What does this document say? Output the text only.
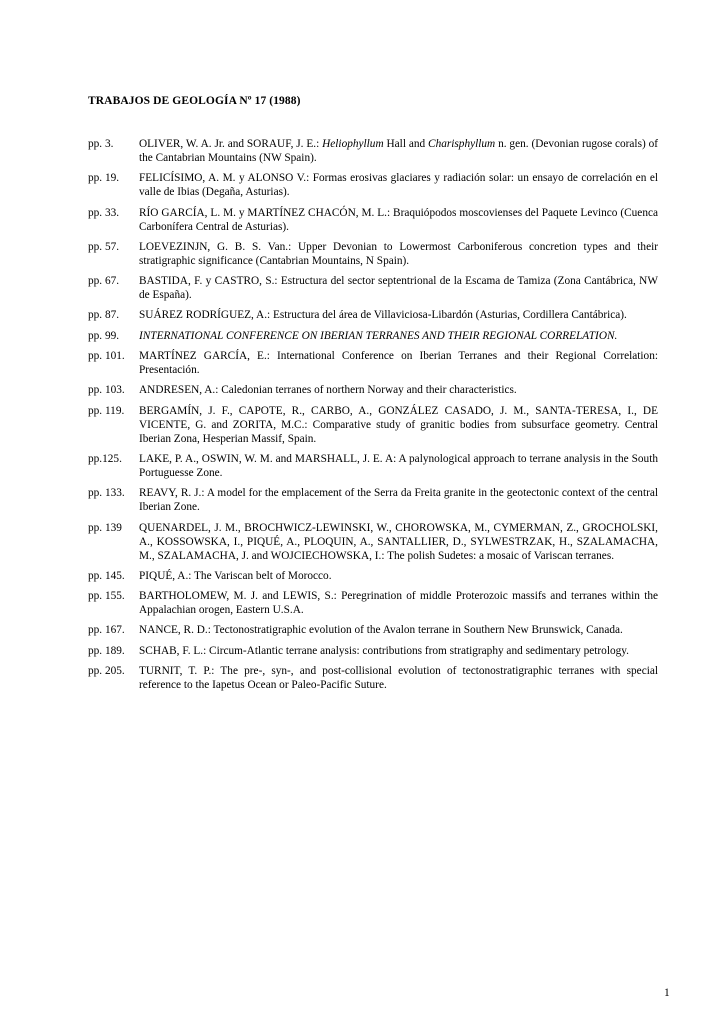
TRABAJOS DE GEOLOGÍA Nº 17 (1988)
pp. 3.	OLIVER, W. A. Jr. and SORAUF, J. E.: Heliophyllum Hall and Charisphyllum n. gen. (Devonian rugose corals) of the Cantabrian Mountains (NW Spain).
pp. 19.	FELICÍSIMO, A. M. y ALONSO V.: Formas erosivas glaciares y radiación solar: un ensayo de correlación en el valle de Ibias (Degaña, Asturias).
pp. 33.	RÍO GARCÍA, L. M. y MARTÍNEZ CHACÓN, M. L.: Braquiópodos moscovienses del Paquete Levinco (Cuenca Carbonífera Central de Asturias).
pp. 57.	LOEVEZINJN, G. B. S. Van.: Upper Devonian to Lowermost Carboniferous concretion types and their stratigraphic significance (Cantabrian Mountains, N Spain).
pp. 67.	BASTIDA, F. y CASTRO, S.: Estructura del sector septentrional de la Escama de Tamiza (Zona Cantábrica, NW de España).
pp. 87.	SUÁREZ RODRÍGUEZ, A.: Estructura del área de Villaviciosa-Libardón (Asturias, Cordillera Cantábrica).
pp. 99.	INTERNATIONAL CONFERENCE ON IBERIAN TERRANES AND THEIR REGIONAL CORRELATION.
pp. 101.	MARTÍNEZ GARCÍA, E.: International Conference on Iberian Terranes and their Regional Correlation: Presentación.
pp. 103.	ANDRESEN, A.: Caledonian terranes of northern Norway and their characteristics.
pp. 119.	BERGAMÍN, J. F., CAPOTE, R., CARBO, A., GONZÁLEZ CASADO, J. M., SANTA-TERESA, I., DE VICENTE, G. and ZORITA, M.C.: Comparative study of granitic bodies from subsurface geometry. Central Iberian Zona, Hesperian Massif, Spain.
pp.125.	LAKE, P. A., OSWIN, W. M. and MARSHALL, J. E. A: A palynological approach to terrane analysis in the South Portuguesse Zone.
pp. 133.	REAVY, R. J.: A model for the emplacement of the Serra da Freita granite in the geotectonic context of the central Iberian Zone.
pp. 139	QUENARDEL, J. M., BROCHWICZ-LEWINSKI, W., CHOROWSKA, M., CYMERMAN, Z., GROCHOLSKI, A., KOSSOWSKA, I., PIQUÉ, A., PLOQUIN, A., SANTALLIER, D., SYLWESTRZAK, H., SZALAMACHA, M., SZALAMACHA, J. and WOJCIECHOWSKA, I.: The polish Sudetes: a mosaic of Variscan terranes.
pp. 145.	PIQUÉ, A.: The Variscan belt of Morocco.
pp. 155.	BARTHOLOMEW, M. J. and LEWIS, S.: Peregrination of middle Proterozoic massifs and terranes within the Appalachian orogen, Eastern U.S.A.
pp. 167.	NANCE, R. D.: Tectonostratigraphic evolution of the Avalon terrane in Southern New Brunswick, Canada.
pp. 189.	SCHAB, F. L.: Circum-Atlantic terrane analysis: contributions from stratigraphy and sedimentary petrology.
pp. 205.	TURNIT, T. P.: The pre-, syn-, and post-collisional evolution of tectonostratigraphic terranes with special reference to the Iapetus Ocean or Paleo-Pacific Suture.
1
